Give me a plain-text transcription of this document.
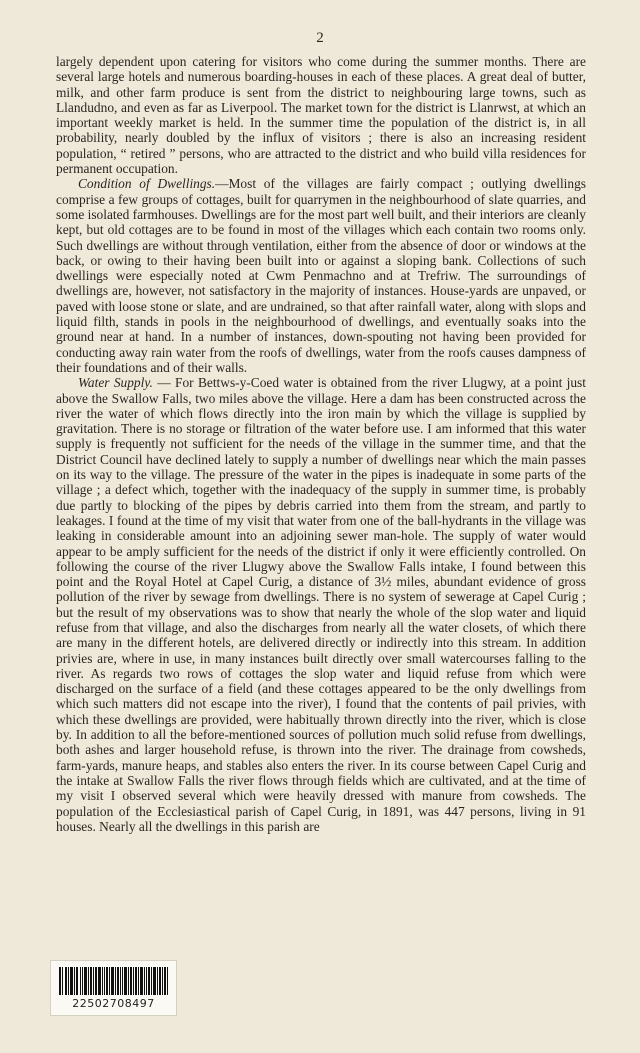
2

largely dependent upon catering for visitors who come during the summer months. There are several large hotels and numerous boarding-houses in each of these places. A great deal of butter, milk, and other farm produce is sent from the district to neighbouring large towns, such as Llandudno, and even as far as Liverpool. The market town for the district is Llanrwst, at which an important weekly market is held. In the summer time the population of the district is, in all probability, nearly doubled by the influx of visitors ; there is also an increasing resident population, “ retired ” persons, who are attracted to the district and who build villa residences for permanent occupation.

Condition of Dwellings.—Most of the villages are fairly compact ; outlying dwellings comprise a few groups of cottages, built for quarrymen in the neighbourhood of slate quarries, and some isolated farmhouses. Dwellings are for the most part well built, and their interiors are cleanly kept, but old cottages are to be found in most of the villages which each contain two rooms only. Such dwellings are without through ventilation, either from the absence of door or windows at the back, or owing to their having been built into or against a sloping bank. Collections of such dwellings were especially noted at Cwm Penmachno and at Trefriw. The surroundings of dwellings are, however, not satisfactory in the majority of instances. House-yards are unpaved, or paved with loose stone or slate, and are undrained, so that after rainfall water, along with slops and liquid filth, stands in pools in the neighbourhood of dwellings, and eventually soaks into the ground near at hand. In a number of instances, down-spouting not having been provided for conducting away rain water from the roofs of dwellings, water from the roofs causes dampness of their foundations and of their walls.

Water Supply. — For Bettws-y-Coed water is obtained from the river Llugwy, at a point just above the Swallow Falls, two miles above the village. Here a dam has been constructed across the river the water of which flows directly into the iron main by which the village is supplied by gravitation. There is no storage or filtration of the water before use. I am informed that this water supply is frequently not sufficient for the needs of the village in the summer time, and that the District Council have declined lately to supply a number of dwellings near which the main passes on its way to the village. The pressure of the water in the pipes is inadequate in some parts of the village ; a defect which, together with the inadequacy of the supply in summer time, is probably due partly to blocking of the pipes by debris carried into them from the stream, and partly to leakages. I found at the time of my visit that water from one of the ball-hydrants in the village was leaking in considerable amount into an adjoining sewer man-hole. The supply of water would appear to be amply sufficient for the needs of the district if only it were efficiently controlled. On following the course of the river Llugwy above the Swallow Falls intake, I found between this point and the Royal Hotel at Capel Curig, a distance of 3½ miles, abundant evidence of gross pollution of the river by sewage from dwellings. There is no system of sewerage at Capel Curig ; but the result of my observations was to show that nearly the whole of the slop water and liquid refuse from that village, and also the discharges from nearly all the water closets, of which there are many in the different hotels, are delivered directly or indirectly into this stream. In addition privies are, where in use, in many instances built directly over small watercourses falling to the river. As regards two rows of cottages the slop water and liquid refuse from which were discharged on the surface of a field (and these cottages appeared to be the only dwellings from which such matters did not escape into the river), I found that the contents of pail privies, with which these dwellings are provided, were habitually thrown directly into the river, which is close by. In addition to all the before-mentioned sources of pollution much solid refuse from dwellings, both ashes and larger household refuse, is thrown into the river. The drainage from cowsheds, farm-yards, manure heaps, and stables also enters the river. In its course between Capel Curig and the intake at Swallow Falls the river flows through fields which are cultivated, and at the time of my visit I observed several which were heavily dressed with manure from cowsheds. The population of the Ecclesiastical parish of Capel Curig, in 1891, was 447 persons, living in 91 houses. Nearly all the dwellings in this parish are

22502708497
